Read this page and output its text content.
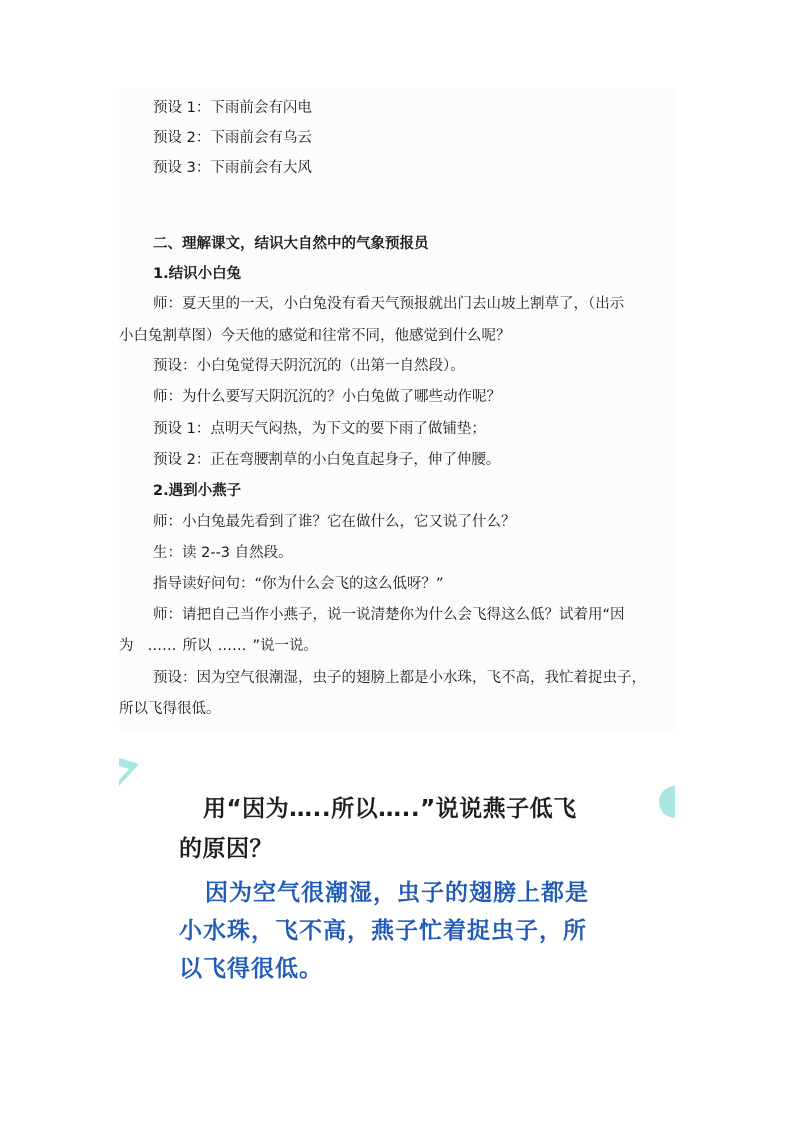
预设 1：下雨前会有闪电
预设 2：下雨前会有乌云
预设 3：下雨前会有大风
二、理解课文，结识大自然中的气象预报员
1.结识小白兔
师：夏天里的一天，小白兔没有看天气预报就出门去山坡上割草了，（出示
小白兔割草图）今天他的感觉和往常不同，他感觉到什么呢？
预设：小白兔觉得天阴沉沉的（出第一自然段）。
师：为什么要写天阴沉沉的？小白兔做了哪些动作呢？
预设 1：点明天气闷热，为下文的要下雨了做铺垫；
预设 2：正在弯腰割草的小白兔直起身子，伸了伸腰。
2.遇到小燕子
师：小白兔最先看到了谁？它在做什么，它又说了什么？
生：读 2--3 自然段。
指导读好问句：“你为什么会飞的这么低呀？”
师：请把自己当作小燕子，说一说清楚你为什么会飞得这么低？试着用“因
为 …… 所以 …… ”说一说。
预设：因为空气很潮湿，虫子的翅膀上都是小水珠，飞不高，我忙着捉虫子，
所以飞得很低。
用“因为…..所以…..”说说燕子低飞
的原因？
因为空气很潮湿，虫子的翅膀上都是
小水珠，飞不高，燕子忙着捉虫子，所
以飞得很低。
